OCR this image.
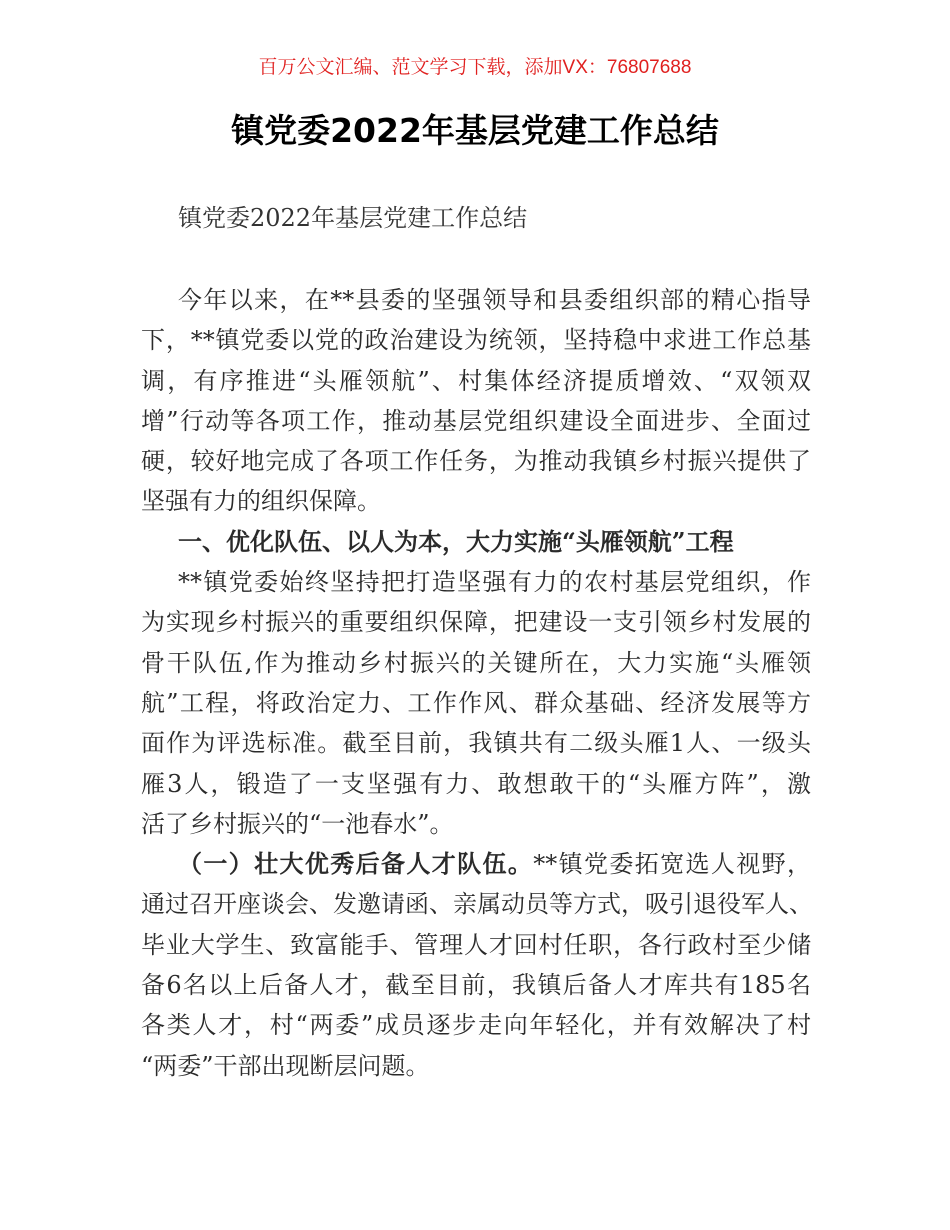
百万公文汇编、范文学习下载，添加VX：76807688
镇党委2022年基层党建工作总结
镇党委2022年基层党建工作总结
今年以来，在**县委的坚强领导和县委组织部的精心指导
下，**镇党委以党的政治建设为统领，坚持稳中求进工作总基
调，有序推进“头雁领航”、村集体经济提质增效、“双领双
增”行动等各项工作，推动基层党组织建设全面进步、全面过
硬，较好地完成了各项工作任务，为推动我镇乡村振兴提供了
坚强有力的组织保障。
一、优化队伍、以人为本，大力实施“头雁领航”工程
**镇党委始终坚持把打造坚强有力的农村基层党组织，作
为实现乡村振兴的重要组织保障，把建设一支引领乡村发展的
骨干队伍,作为推动乡村振兴的关键所在，大力实施“头雁领
航”工程，将政治定力、工作作风、群众基础、经济发展等方
面作为评选标准。截至目前，我镇共有二级头雁1人、一级头
雁3人，锻造了一支坚强有力、敢想敢干的“头雁方阵”，激
活了乡村振兴的“一池春水”。
（一）壮大优秀后备人才队伍。**镇党委拓宽选人视野，
通过召开座谈会、发邀请函、亲属动员等方式，吸引退役军人、
毕业大学生、致富能手、管理人才回村任职，各行政村至少储
备6名以上后备人才，截至目前，我镇后备人才库共有185名
各类人才，村“两委”成员逐步走向年轻化，并有效解决了村
“两委”干部出现断层问题。
